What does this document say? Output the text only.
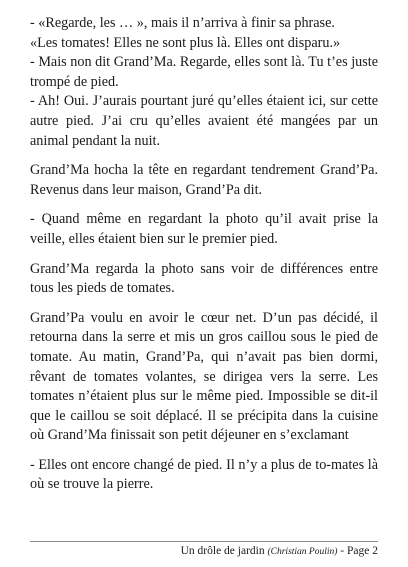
- «Regarde, les … », mais il n’arriva à finir sa phrase.
«Les tomates! Elles ne sont plus là. Elles ont disparu.»

- Mais non dit Grand’Ma. Regarde, elles sont là. Tu t’es juste trompé de pied.

- Ah! Oui. J’aurais pourtant juré qu’elles étaient ici, sur cette autre pied. J’ai cru qu’elles avaient été mangées par un animal pendant la nuit.

Grand’Ma hocha la tête en regardant tendrement Grand’Pa. Revenus dans leur maison, Grand’Pa dit.

- Quand même en regardant la photo qu’il avait prise la veille, elles étaient bien sur le premier pied.

Grand’Ma regarda la photo sans voir de différences entre tous les pieds de tomates.

Grand’Pa voulu en avoir le cœur net. D’un pas décidé, il retourna dans la serre et mis un gros caillou sous le pied de tomate. Au matin, Grand’Pa, qui n’avait pas bien dormi, rêvant de tomates volantes, se dirigea vers la serre. Les tomates n’étaient plus sur le même pied. Impossible se dit-il que le caillou se soit déplacé. Il se précipita dans la cuisine où Grand’Ma finissait son petit déjeuner en s’exclamant

- Elles ont encore changé de pied. Il n’y a plus de to-mates là où se trouve la pierre.

Un drôle de jardin (Christian Poulin) - Page 2
